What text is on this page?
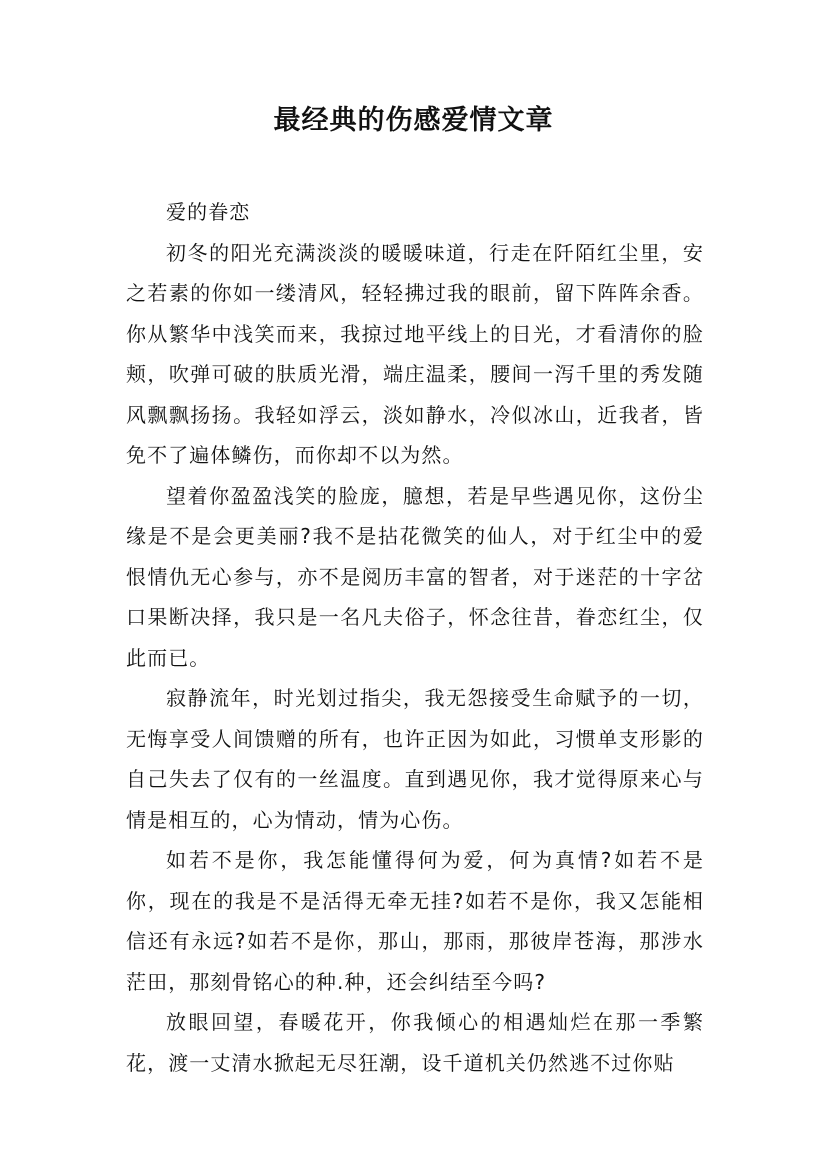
最经典的伤感爱情文章

爱的眷恋

初冬的阳光充满淡淡的暖暖味道，行走在阡陌红尘里，安之若素的你如一缕清风，轻轻拂过我的眼前，留下阵阵余香。你从繁华中浅笑而来，我掠过地平线上的日光，才看清你的脸颊，吹弹可破的肤质光滑，端庄温柔，腰间一泻千里的秀发随风飘飘扬扬。我轻如浮云，淡如静水，冷似冰山，近我者，皆免不了遍体鳞伤，而你却不以为然。

望着你盈盈浅笑的脸庞，臆想，若是早些遇见你，这份尘缘是不是会更美丽?我不是拈花微笑的仙人，对于红尘中的爱恨情仇无心参与，亦不是阅历丰富的智者，对于迷茫的十字岔口果断决择，我只是一名凡夫俗子，怀念往昔，眷恋红尘，仅此而已。

寂静流年，时光划过指尖，我无怨接受生命赋予的一切，无悔享受人间馈赠的所有，也许正因为如此，习惯单支形影的自己失去了仅有的一丝温度。直到遇见你，我才觉得原来心与情是相互的，心为情动，情为心伤。

如若不是你，我怎能懂得何为爱，何为真情?如若不是你，现在的我是不是活得无牵无挂?如若不是你，我又怎能相信还有永远?如若不是你，那山，那雨，那彼岸苍海，那涉水茫田，那刻骨铭心的种.种，还会纠结至今吗?

放眼回望，春暖花开，你我倾心的相遇灿烂在那一季繁花，渡一丈清水掀起无尽狂潮，设千道机关仍然逃不过你贴
